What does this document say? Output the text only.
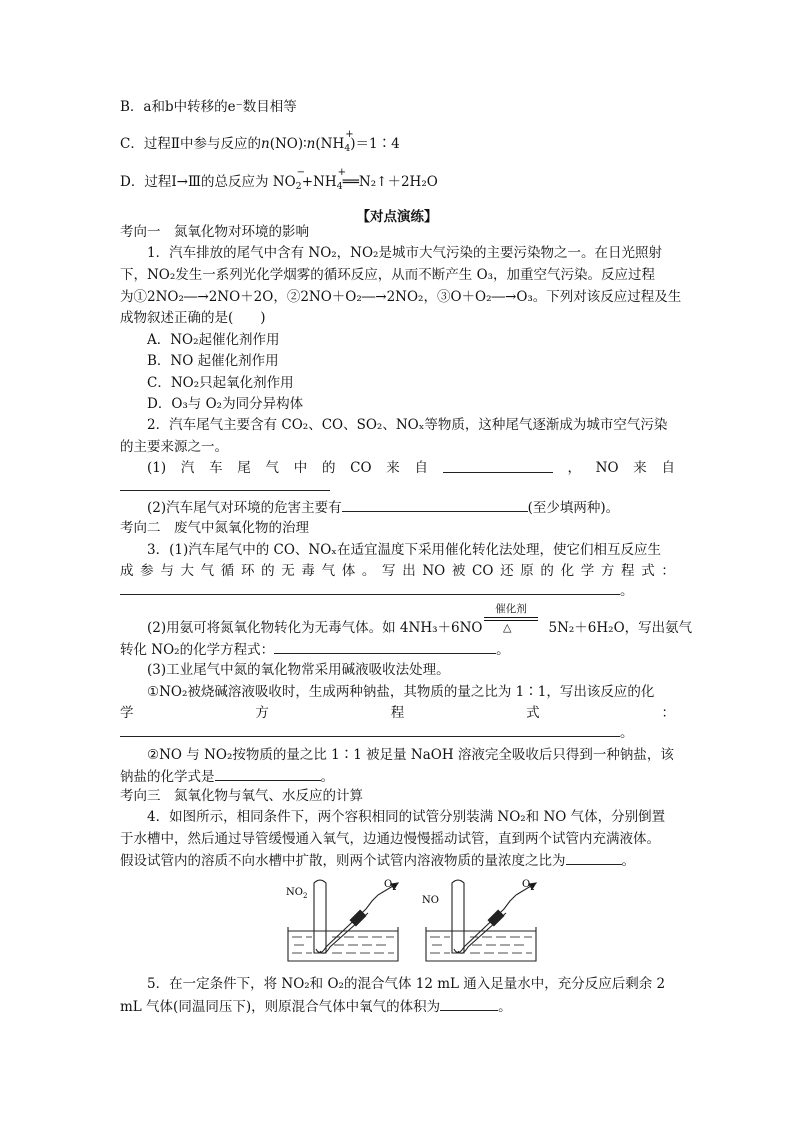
B．a和b中转移的e⁻数目相等
C．过程Ⅱ中参与反应的n(NO)∶n(NH
+
$_4$)＝1∶4
D．过程Ⅰ→Ⅲ的总反应为 NO
−
$_2$+NH
+
$_4$══N₂↑＋2H₂O
【对点演练】
考向一　氮氧化物对环境的影响
1．汽车排放的尾气中含有 NO₂，NO₂是城市大气污染的主要污染物之一。在日光照射
下，NO₂发生一系列光化学烟雾的循环反应，从而不断产生 O₃，加重空气污染。反应过程
为①2NO₂―→2NO＋2O，②2NO＋O₂―→2NO₂，③O＋O₂―→O₃。下列对该反应过程及生
成物叙述正确的是(　　)
A．NO₂起催化剂作用
B．NO 起催化剂作用
C．NO₂只起氧化剂作用
D．O₃与 O₂为同分异构体
2．汽车尾气主要含有 CO₂、CO、SO₂、NOₓ等物质，这种尾气逐渐成为城市空气污染
的主要来源之一。
(1) 汽 车 尾 气 中 的 CO 来 自	， NO 来 自
(2)汽车尾气对环境的危害主要有	(至少填两种)。
考向二　废气中氮氧化物的治理
3．(1)汽车尾气中的 CO、NOₓ在适宜温度下采用催化转化法处理，使它们相互反应生
成 参 与 大 气 循 环 的 无 毒 气 体 。 写 出 NO 被 CO 还 原 的 化 学 方 程 式 ：
。
催化剂
△
(2)用氨可将氮氧化物转化为无毒气体。如 4NH₃＋6NO	5N₂＋6H₂O，写出氨气
转化 NO₂的化学方程式：	。
(3)工业尾气中氮的氧化物常采用碱液吸收法处理。
①NO₂被烧碱溶液吸收时，生成两种钠盐，其物质的量之比为 1∶1，写出该反应的化
学	方	程	式	：
。
②NO 与 NO₂按物质的量之比 1∶1 被足量 NaOH 溶液完全吸收后只得到一种钠盐，该
钠盐的化学式是	。
考向三　氮氧化物与氧气、水反应的计算
4．如图所示，相同条件下，两个容积相同的试管分别装满 NO₂和 NO 气体，分别倒置
于水槽中，然后通过导管缓慢通入氧气，边通边慢慢摇动试管，直到两个试管内充满液体。
假设试管内的溶质不向水槽中扩散，则两个试管内溶液物质的量浓度之比为	。
$NO_2$
$O_2$
NO
$O_2$
5．在一定条件下，将 NO₂和 O₂的混合气体 12 mL 通入足量水中，充分反应后剩余 2
mL 气体(同温同压下)，则原混合气体中氧气的体积为	。
